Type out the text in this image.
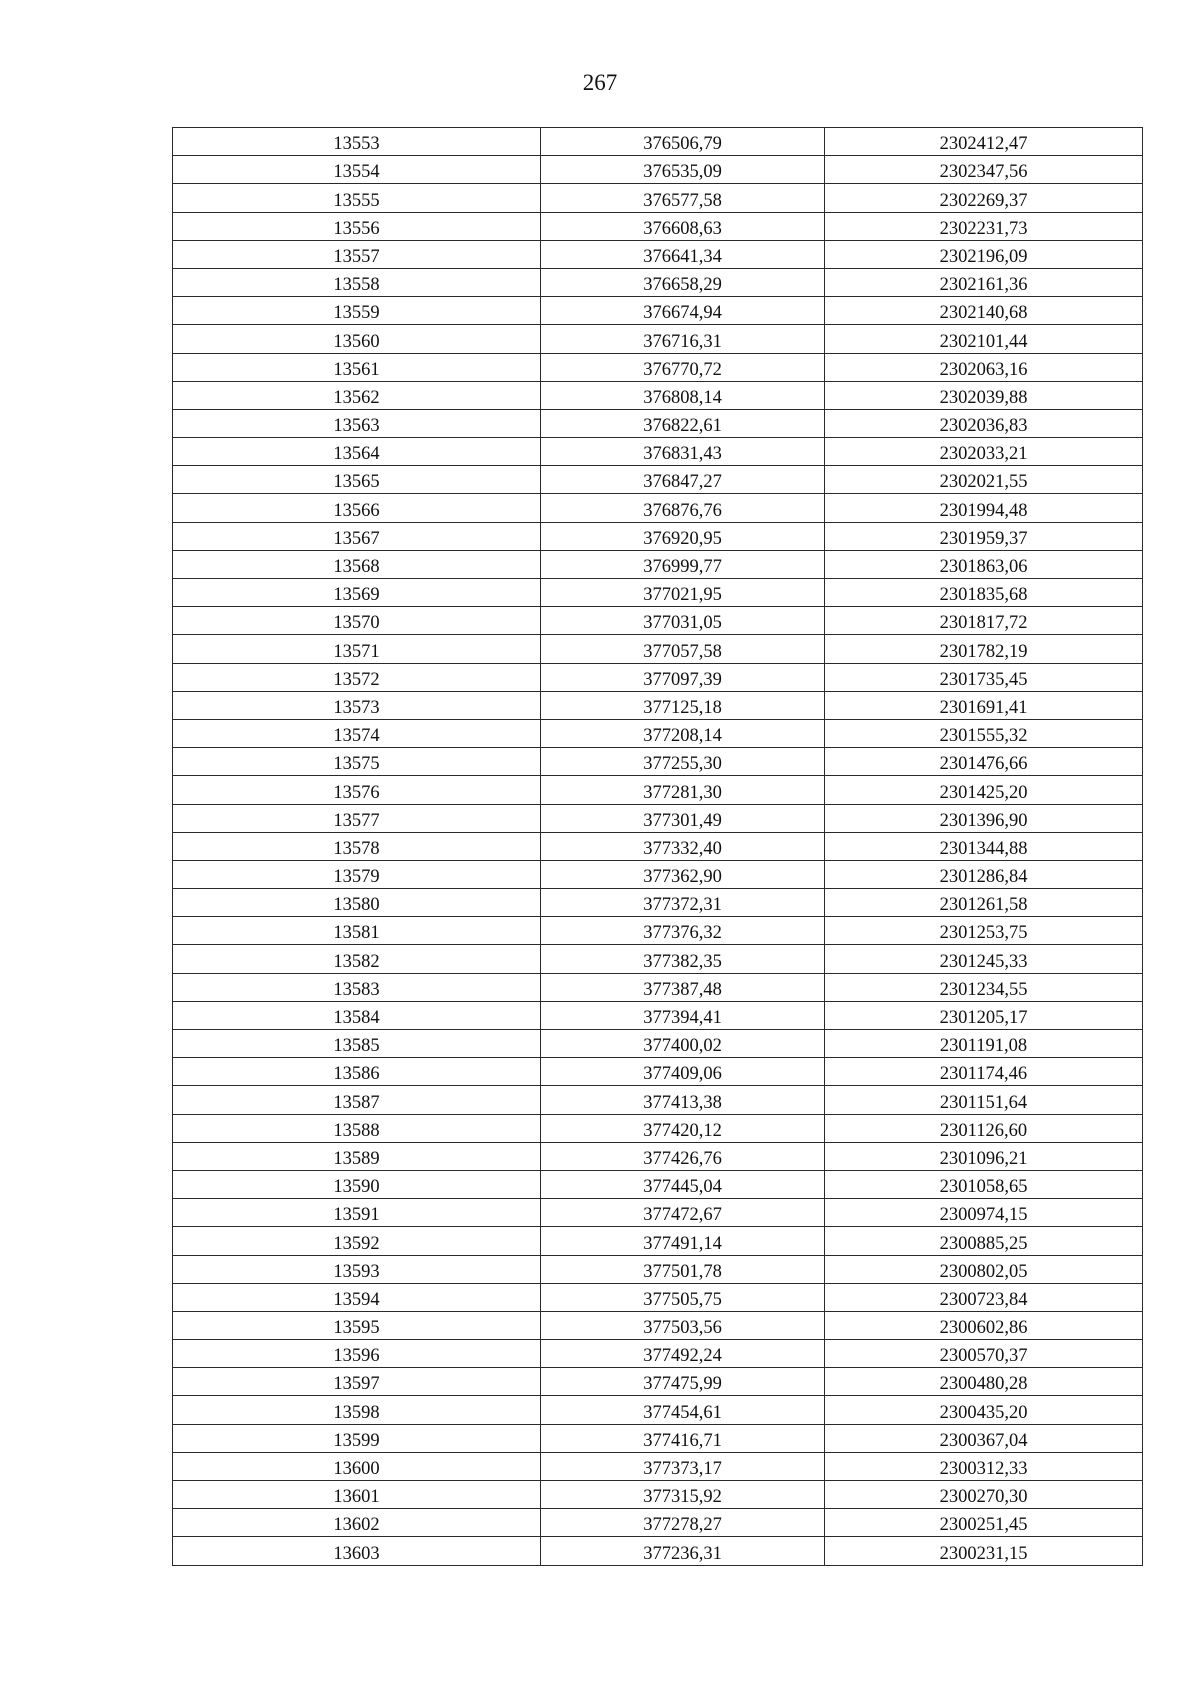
267
13553	376506,79	2302412,47
13554	376535,09	2302347,56
13555	376577,58	2302269,37
13556	376608,63	2302231,73
13557	376641,34	2302196,09
13558	376658,29	2302161,36
13559	376674,94	2302140,68
13560	376716,31	2302101,44
13561	376770,72	2302063,16
13562	376808,14	2302039,88
13563	376822,61	2302036,83
13564	376831,43	2302033,21
13565	376847,27	2302021,55
13566	376876,76	2301994,48
13567	376920,95	2301959,37
13568	376999,77	2301863,06
13569	377021,95	2301835,68
13570	377031,05	2301817,72
13571	377057,58	2301782,19
13572	377097,39	2301735,45
13573	377125,18	2301691,41
13574	377208,14	2301555,32
13575	377255,30	2301476,66
13576	377281,30	2301425,20
13577	377301,49	2301396,90
13578	377332,40	2301344,88
13579	377362,90	2301286,84
13580	377372,31	2301261,58
13581	377376,32	2301253,75
13582	377382,35	2301245,33
13583	377387,48	2301234,55
13584	377394,41	2301205,17
13585	377400,02	2301191,08
13586	377409,06	2301174,46
13587	377413,38	2301151,64
13588	377420,12	2301126,60
13589	377426,76	2301096,21
13590	377445,04	2301058,65
13591	377472,67	2300974,15
13592	377491,14	2300885,25
13593	377501,78	2300802,05
13594	377505,75	2300723,84
13595	377503,56	2300602,86
13596	377492,24	2300570,37
13597	377475,99	2300480,28
13598	377454,61	2300435,20
13599	377416,71	2300367,04
13600	377373,17	2300312,33
13601	377315,92	2300270,30
13602	377278,27	2300251,45
13603	377236,31	2300231,15
